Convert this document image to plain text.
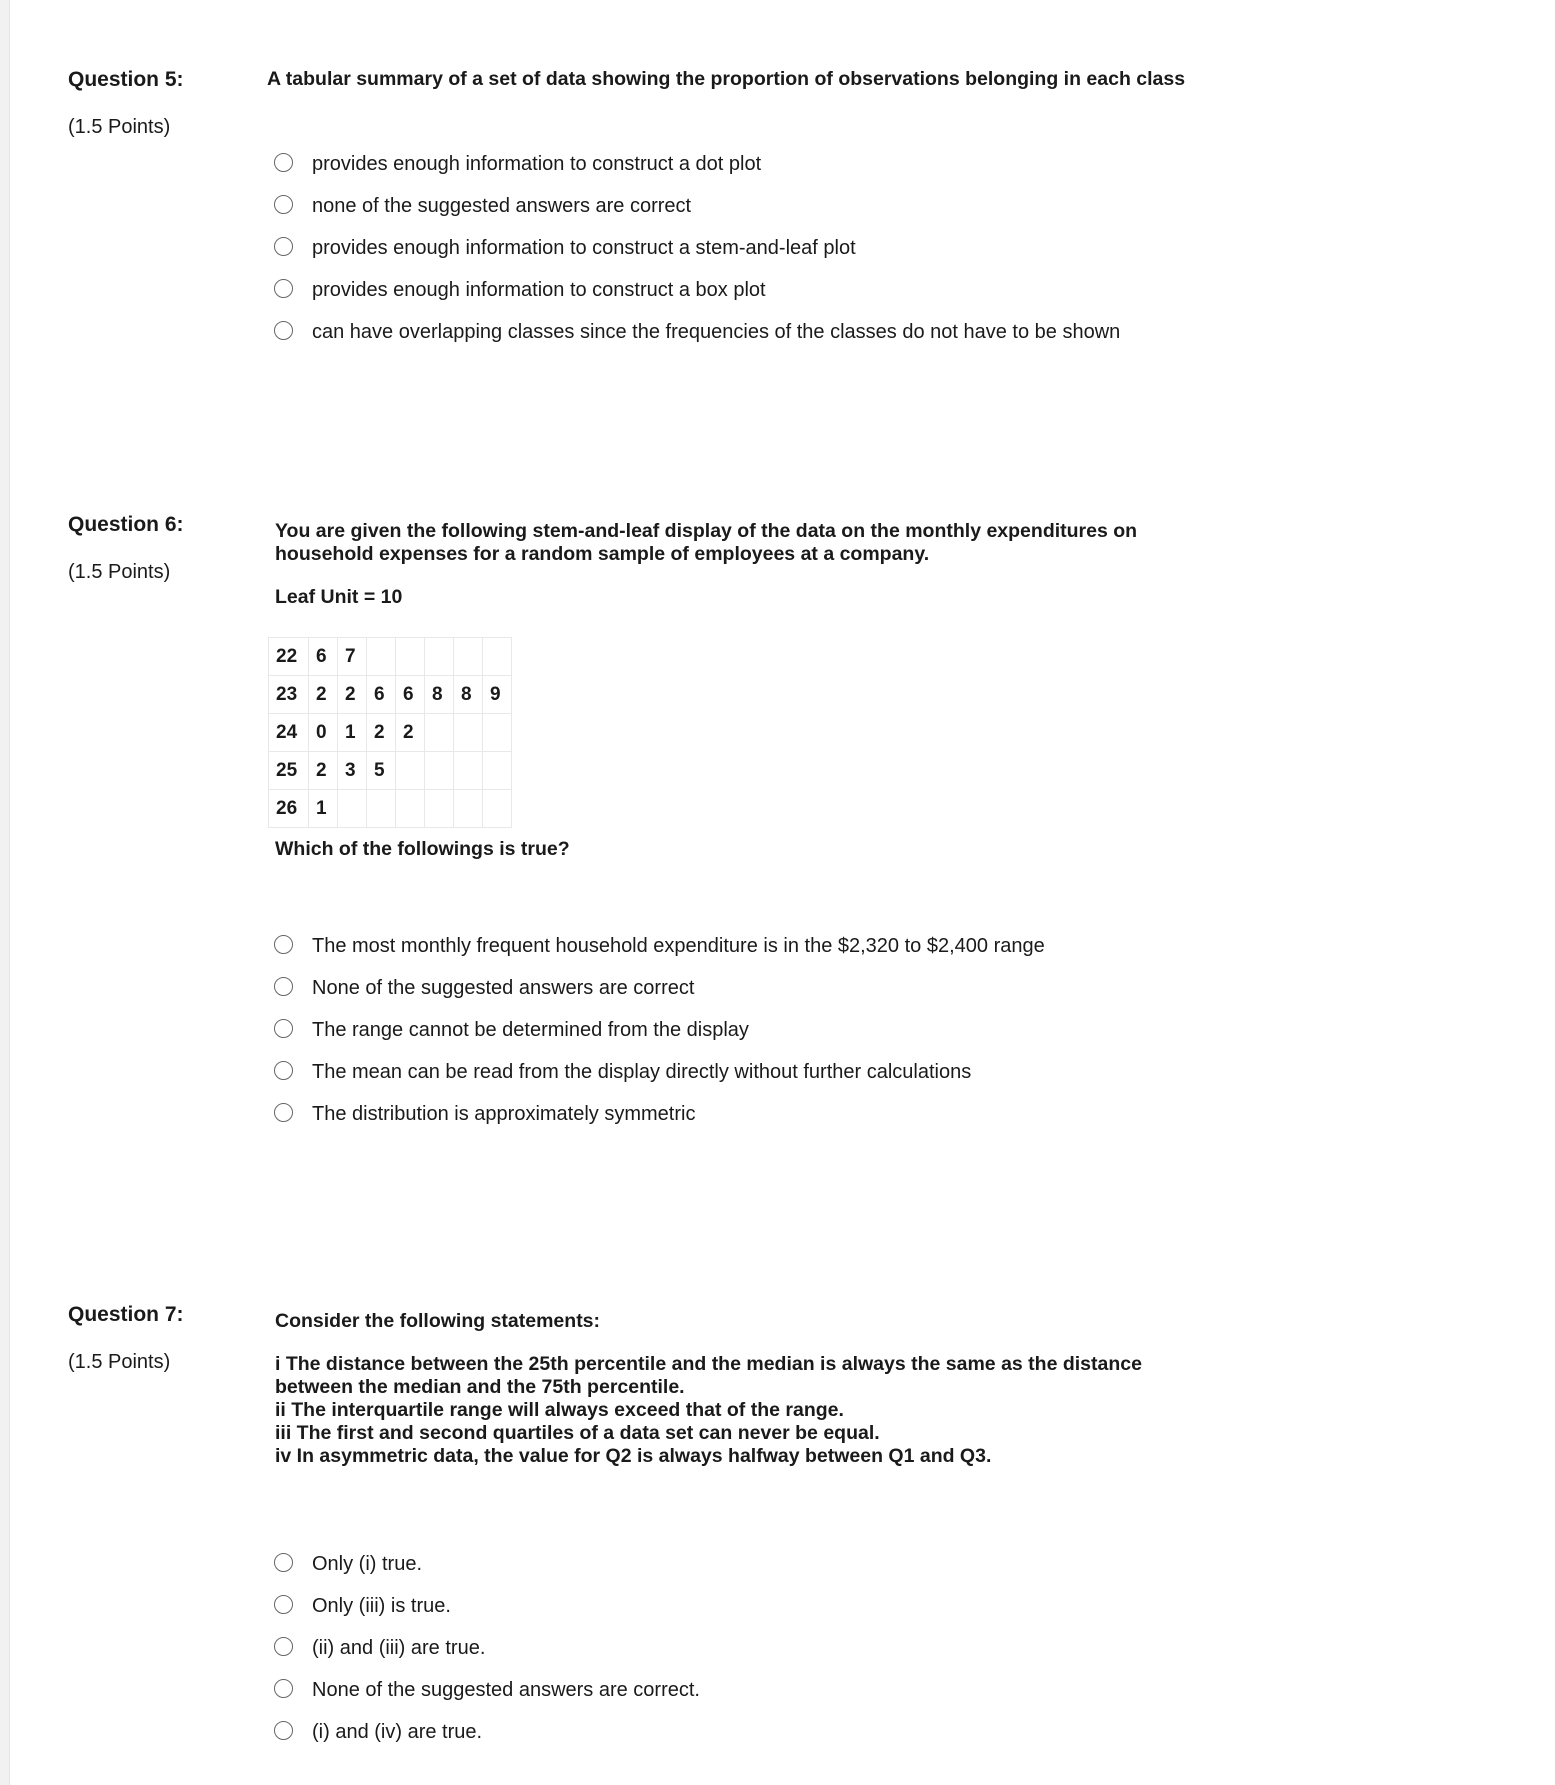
Question 5:
(1.5 Points)
A tabular summary of a set of data showing the proportion of observations belonging in each class
provides enough information to construct a dot plot
none of the suggested answers are correct
provides enough information to construct a stem-and-leaf plot
provides enough information to construct a box plot
can have overlapping classes since the frequencies of the classes do not have to be shown
Question 6:
(1.5 Points)
You are given the following stem-and-leaf display of the data on the monthly expenditures on
household expenses for a random sample of employees at a company.
Leaf Unit = 10
22	6	7					
23	2	2	6	6	8	8	9
24	0	1	2	2			
25	2	3	5				
26	1						
Which of the followings is true?
The most monthly frequent household expenditure is in the $2,320 to $2,400 range
None of the suggested answers are correct
The range cannot be determined from the display
The mean can be read from the display directly without further calculations
The distribution is approximately symmetric
Question 7:
(1.5 Points)
Consider the following statements:
i The distance between the 25th percentile and the median is always the same as the distance
between the median and the 75th percentile.
ii The interquartile range will always exceed that of the range.
iii The first and second quartiles of a data set can never be equal.
iv In asymmetric data, the value for Q2 is always halfway between Q1 and Q3.
Only (i) true.
Only (iii) is true.
(ii) and (iii) are true.
None of the suggested answers are correct.
(i) and (iv) are true.
